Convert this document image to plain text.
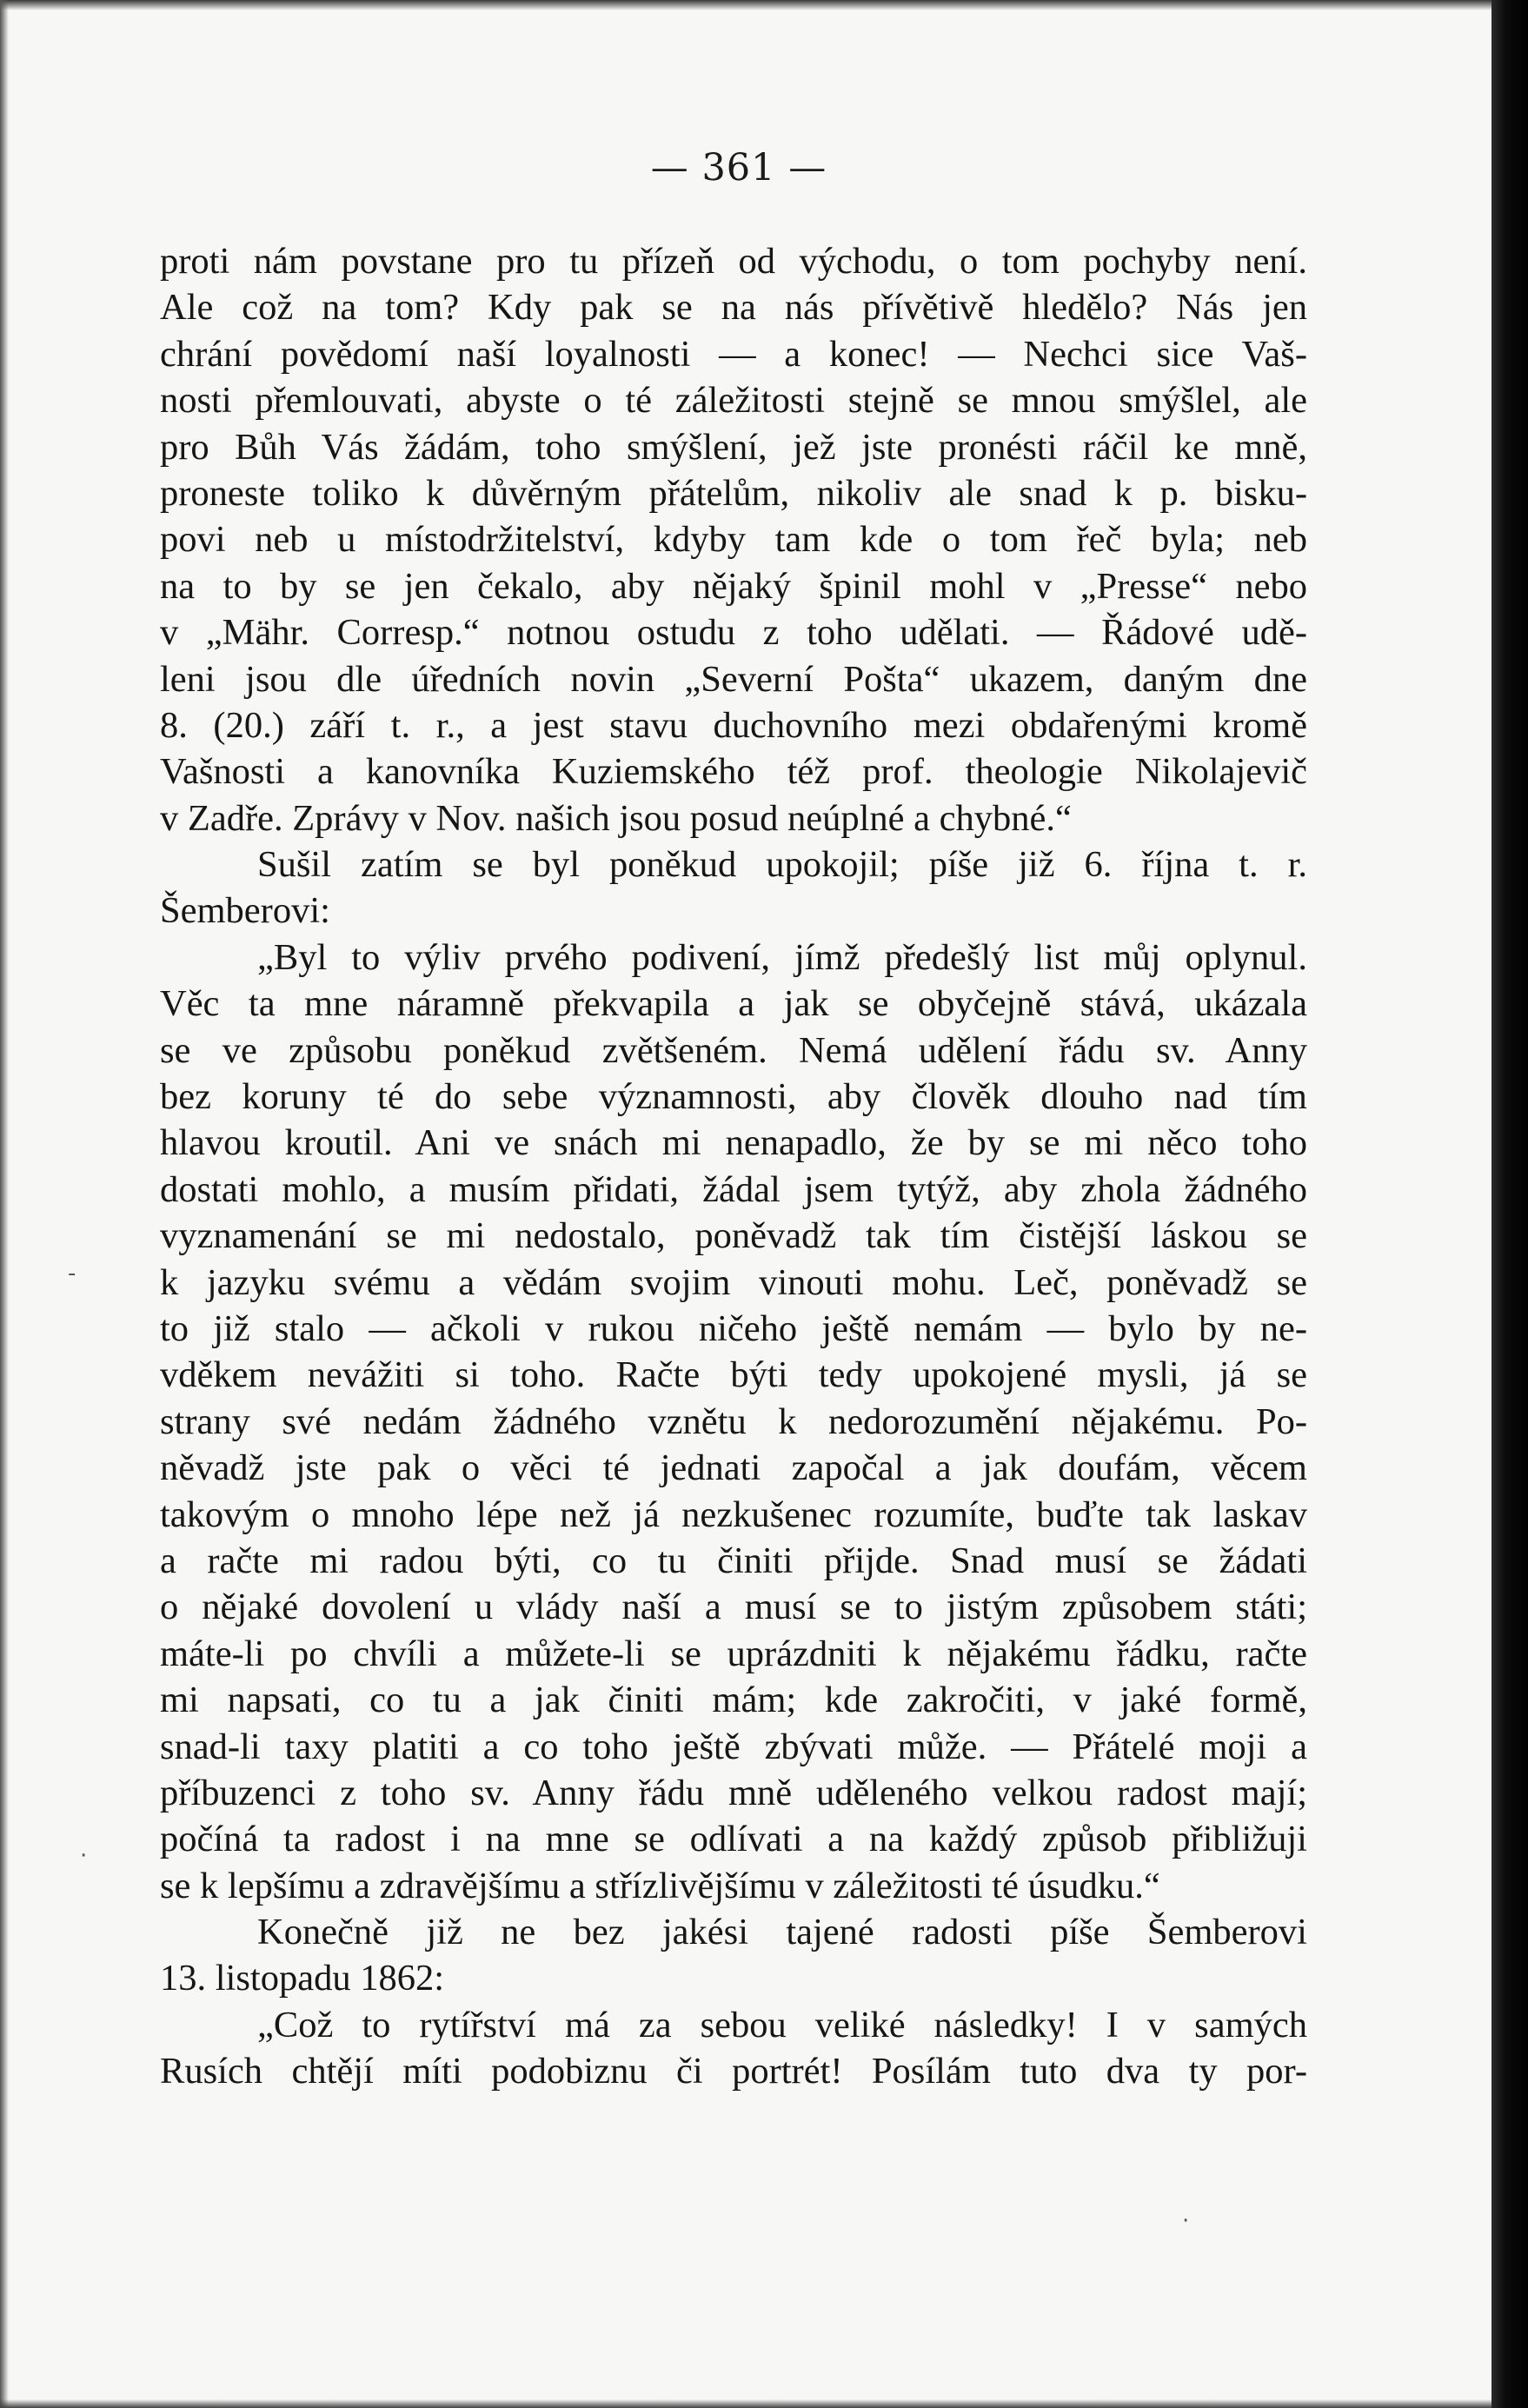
— 361 —
proti nám povstane pro tu přízeň od východu, o tom pochyby není.
Ale což na tom? Kdy pak se na nás přívětivě hledělo? Nás jen
chrání povědomí naší loyalnosti — a konec! — Nechci sice Vaš-
nosti přemlouvati, abyste o té záležitosti stejně se mnou smýšlel, ale
pro Bůh Vás žádám, toho smýšlení, jež jste pronésti ráčil ke mně,
proneste toliko k důvěrným přátelům, nikoliv ale snad k p. bisku-
povi neb u místodržitelství, kdyby tam kde o tom řeč byla; neb
na to by se jen čekalo, aby nějaký špinil mohl v „Presse“ nebo
v „Mähr. Corresp.“ notnou ostudu z toho udělati. — Řádové udě-
leni jsou dle úředních novin „Severní Pošta“ ukazem, daným dne
8. (20.) září t. r., a jest stavu duchovního mezi obdařenými kromě
Vašnosti a kanovníka Kuziemského též prof. theologie Nikolajevič
v Zadře. Zprávy v Nov. našich jsou posud neúplné a chybné.“
Sušil zatím se byl poněkud upokojil; píše již 6. října t. r.
Šemberovi:
„Byl to výliv prvého podivení, jímž předešlý list můj oplynul.
Věc ta mne náramně překvapila a jak se obyčejně stává, ukázala
se ve způsobu poněkud zvětšeném. Nemá udělení řádu sv. Anny
bez koruny té do sebe významnosti, aby člověk dlouho nad tím
hlavou kroutil. Ani ve snách mi nenapadlo, že by se mi něco toho
dostati mohlo, a musím přidati, žádal jsem tytýž, aby zhola žádného
vyznamenání se mi nedostalo, poněvadž tak tím čistější láskou se
k jazyku svému a vědám svojim vinouti mohu. Leč, poněvadž se
to již stalo — ačkoli v rukou ničeho ještě nemám — bylo by ne-
vděkem nevážiti si toho. Račte býti tedy upokojené mysli, já se
strany své nedám žádného vznětu k nedorozumění nějakému. Po-
něvadž jste pak o věci té jednati započal a jak doufám, věcem
takovým o mnoho lépe než já nezkušenec rozumíte, buďte tak laskav
a račte mi radou býti, co tu činiti přijde. Snad musí se žádati
o nějaké dovolení u vlády naší a musí se to jistým způsobem státi;
máte-li po chvíli a můžete-li se uprázdniti k nějakému řádku, račte
mi napsati, co tu a jak činiti mám; kde zakročiti, v jaké formě,
snad-li taxy platiti a co toho ještě zbývati může. — Přátelé moji a
příbuzenci z toho sv. Anny řádu mně uděleného velkou radost mají;
počíná ta radost i na mne se odlívati a na každý způsob přibližuji
se k lepšímu a zdravějšímu a střízlivějšímu v záležitosti té úsudku.“
Konečně již ne bez jakési tajené radosti píše Šemberovi
13. listopadu 1862:
„Což to rytířství má za sebou veliké následky! I v samých
Rusích chtějí míti podobiznu či portrét! Posílám tuto dva ty por-
-
·
·
